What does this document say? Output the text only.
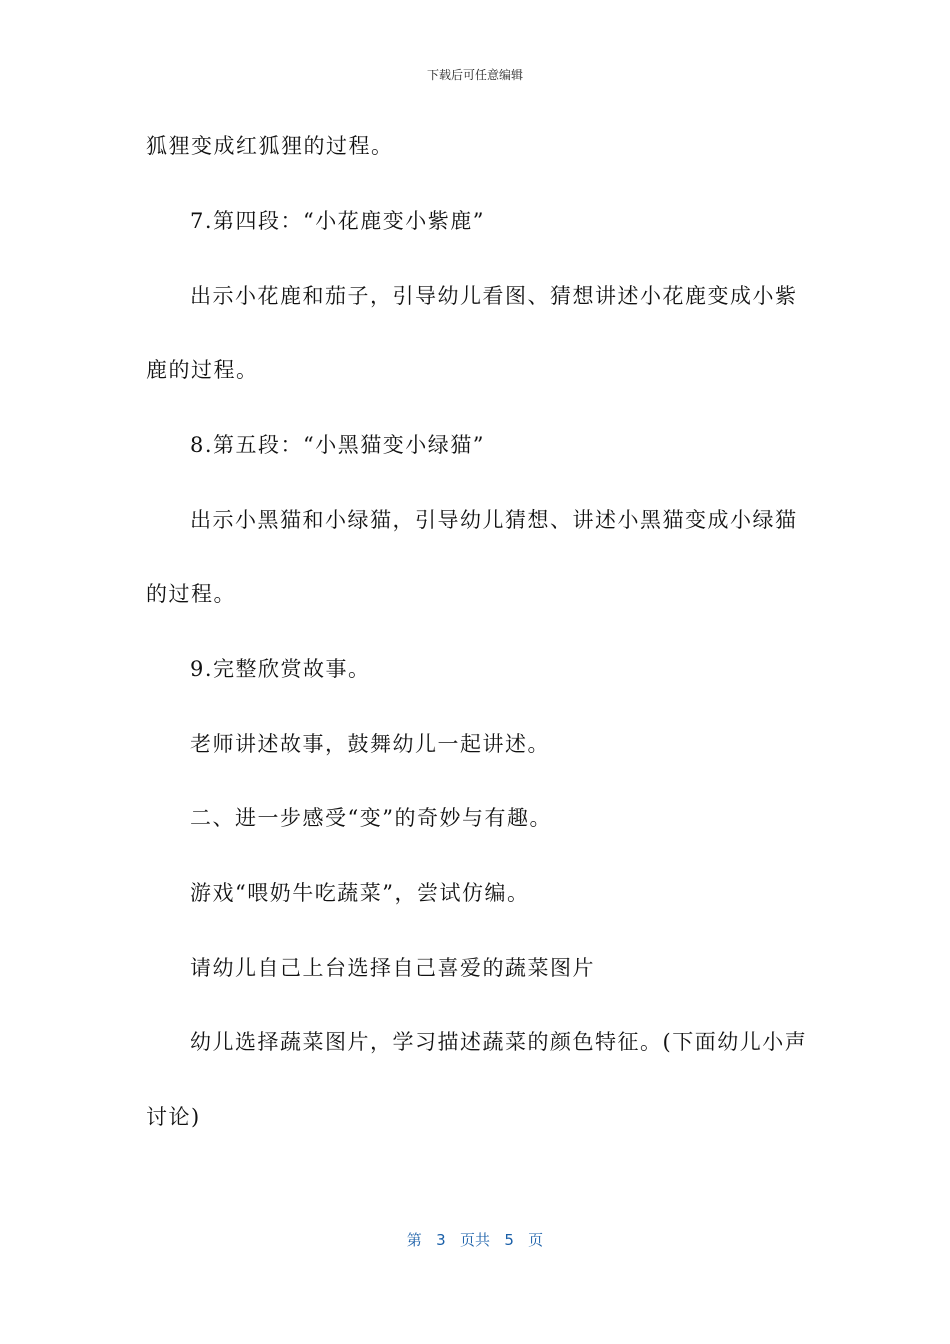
下载后可任意编辑
狐狸变成红狐狸的过程。
7.第四段：“小花鹿变小紫鹿”
出示小花鹿和茄子，引导幼儿看图、猜想讲述小花鹿变成小紫
鹿的过程。
8.第五段：“小黑猫变小绿猫”
出示小黑猫和小绿猫，引导幼儿猜想、讲述小黑猫变成小绿猫
的过程。
9.完整欣赏故事。
老师讲述故事，鼓舞幼儿一起讲述。
二、进一步感受“变”的奇妙与有趣。
游戏“喂奶牛吃蔬菜”，尝试仿编。
请幼儿自己上台选择自己喜爱的蔬菜图片
幼儿选择蔬菜图片，学习描述蔬菜的颜色特征。(下面幼儿小声
讨论)
第 3 页共 5 页
